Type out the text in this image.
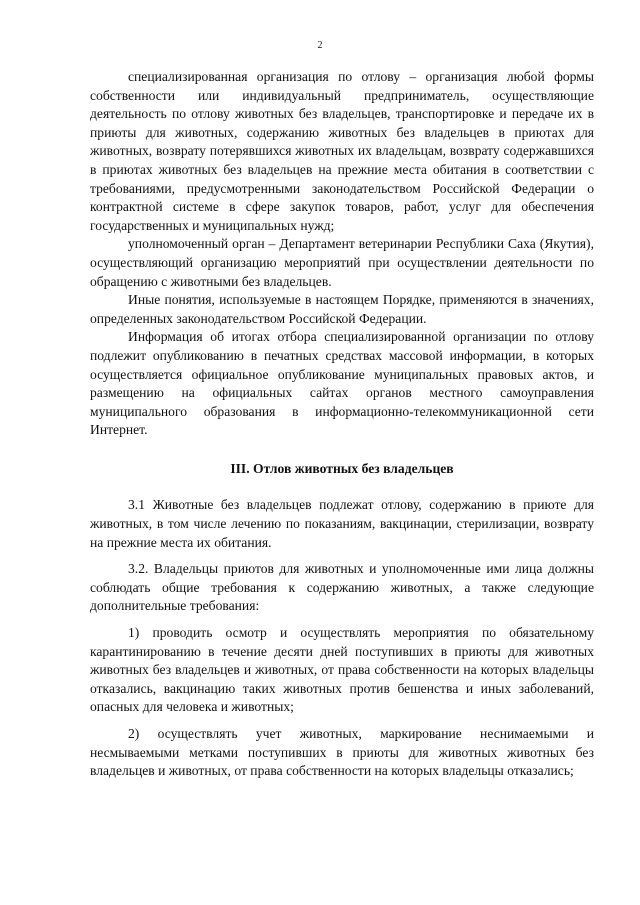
2

специализированная организация по отлову – организация любой формы собственности или индивидуальный предприниматель, осуществляющие деятельность по отлову животных без владельцев, транспортировке и передаче их в приюты для животных, содержанию животных без владельцев в приютах для животных, возврату потерявшихся животных их владельцам, возврату содержавшихся в приютах животных без владельцев на прежние места обитания в соответствии с требованиями, предусмотренными законодательством Российской Федерации о контрактной системе в сфере закупок товаров, работ, услуг для обеспечения государственных и муниципальных нужд;

уполномоченный орган – Департамент ветеринарии Республики Саха (Якутия), осуществляющий организацию мероприятий при осуществлении деятельности по обращению с животными без владельцев.

Иные понятия, используемые в настоящем Порядке, применяются в значениях, определенных законодательством Российской Федерации.

Информация об итогах отбора специализированной организации по отлову подлежит опубликованию в печатных средствах массовой информации, в которых осуществляется официальное опубликование муниципальных правовых актов, и размещению на официальных сайтах органов местного самоуправления муниципального образования в информационно-телекоммуникационной сети Интернет.

III. Отлов животных без владельцев

3.1 Животные без владельцев подлежат отлову, содержанию в приюте для животных, в том числе лечению по показаниям, вакцинации, стерилизации, возврату на прежние места их обитания.

3.2. Владельцы приютов для животных и уполномоченные ими лица должны соблюдать общие требования к содержанию животных, а также следующие дополнительные требования:

1) проводить осмотр и осуществлять мероприятия по обязательному карантинированию в течение десяти дней поступивших в приюты для животных животных без владельцев и животных, от права собственности на которых владельцы отказались, вакцинацию таких животных против бешенства и иных заболеваний, опасных для человека и животных;

2) осуществлять учет животных, маркирование неснимаемыми и несмываемыми метками поступивших в приюты для животных животных без владельцев и животных, от права собственности на которых владельцы отказались;
